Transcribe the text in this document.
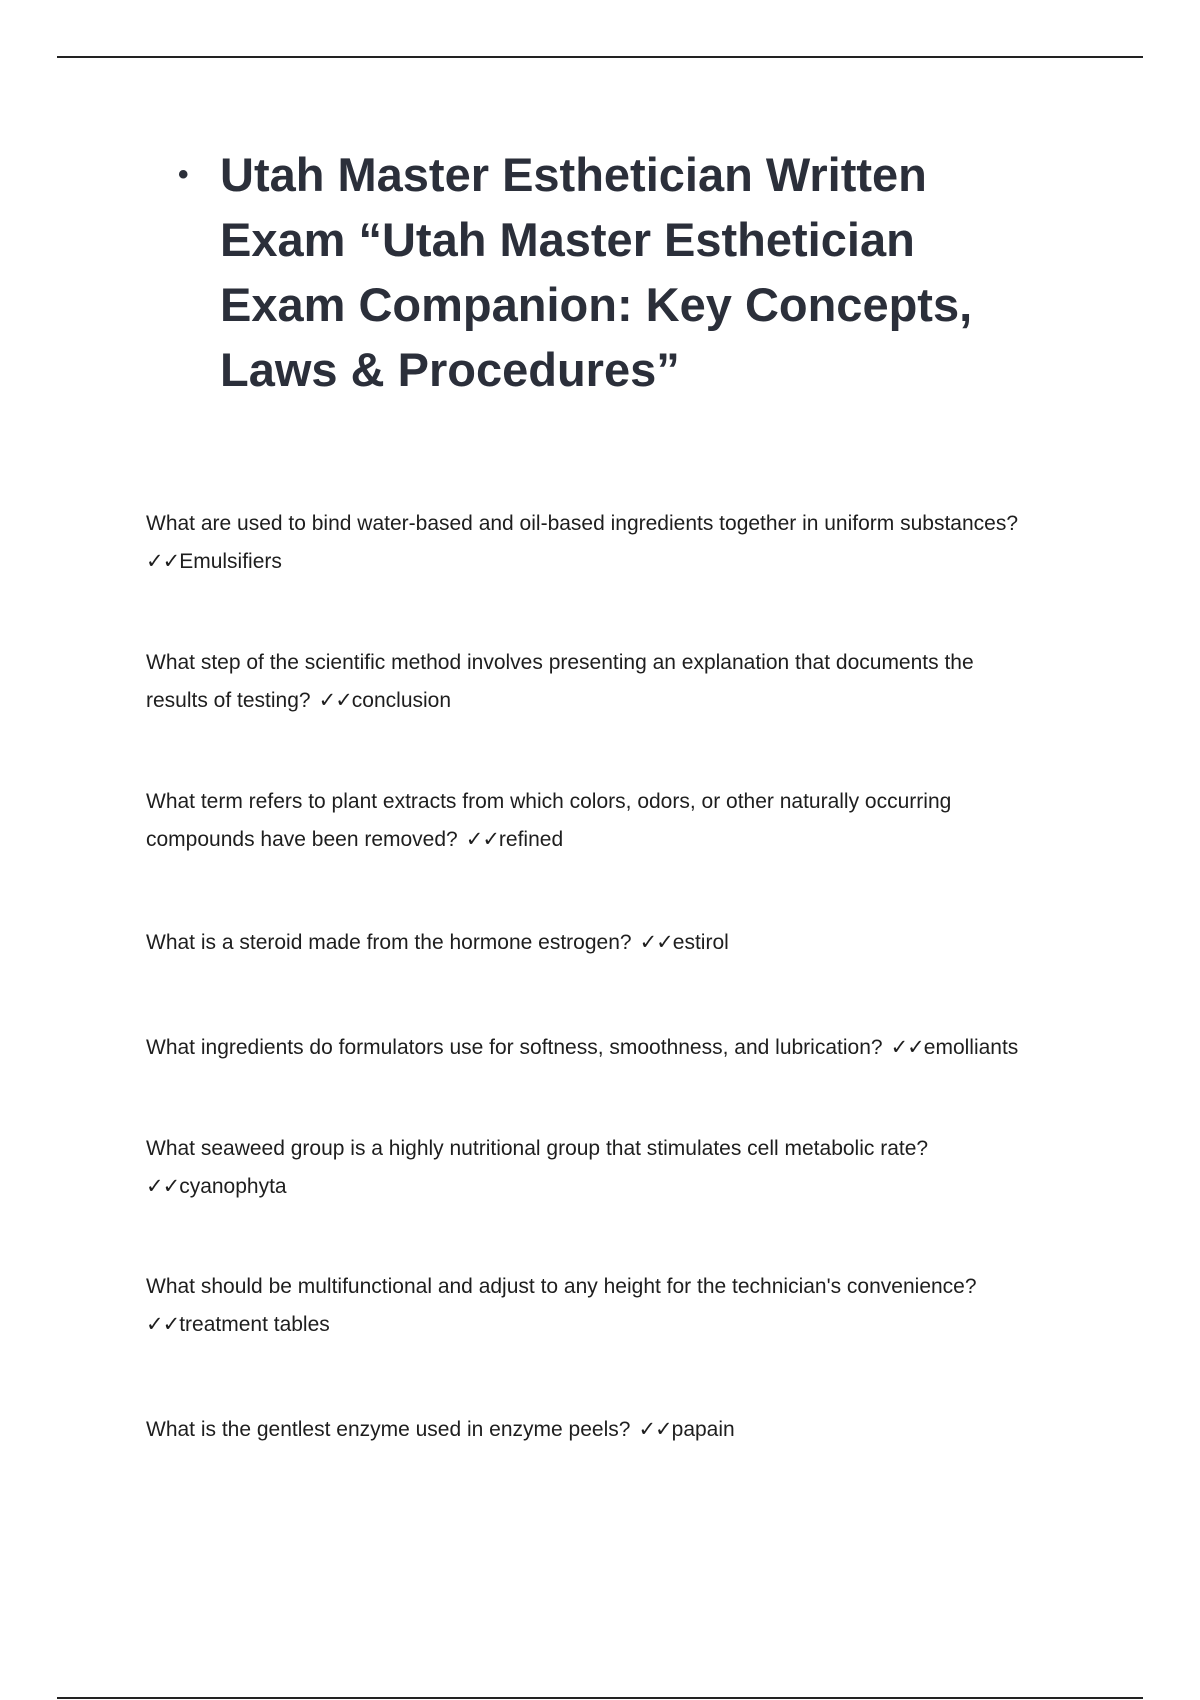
• Utah Master Esthetician Written Exam “Utah Master Esthetician Exam Companion: Key Concepts, Laws & Procedures”
What are used to bind water-based and oil-based ingredients together in uniform substances?
✓✓Emulsifiers
What step of the scientific method involves presenting an explanation that documents the
results of testing? ✓✓conclusion
What term refers to plant extracts from which colors, odors, or other naturally occurring
compounds have been removed? ✓✓refined
What is a steroid made from the hormone estrogen? ✓✓estirol
What ingredients do formulators use for softness, smoothness, and lubrication? ✓✓emolliants
What seaweed group is a highly nutritional group that stimulates cell metabolic rate?
✓✓cyanophyta
What should be multifunctional and adjust to any height for the technician's convenience?
✓✓treatment tables
What is the gentlest enzyme used in enzyme peels? ✓✓papain
